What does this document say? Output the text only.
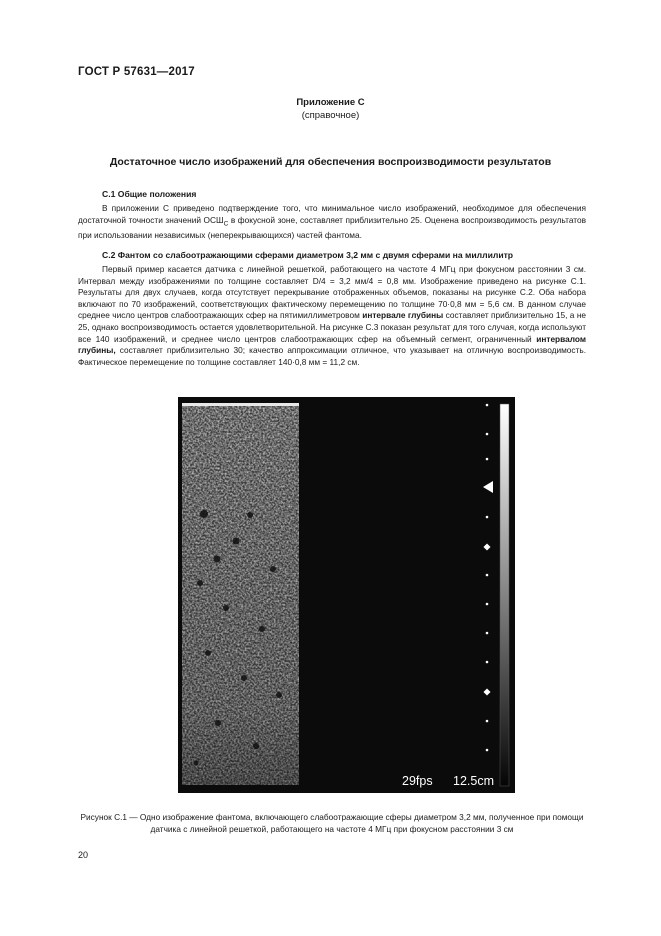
ГОСТ Р 57631—2017
Приложение С
(справочное)
Достаточное число изображений для обеспечения воспроизводимости результатов
С.1 Общие положения
В приложении С приведено подтверждение того, что минимальное число изображений, необходимое для обеспечения достаточной точности значений $ОСШ_С$ в фокусной зоне, составляет приблизительно 25. Оценена воспроизводимость результатов при использовании независимых (неперекрывающихся) частей фантома.
С.2 Фантом со слабоотражающими сферами диаметром 3,2 мм с двумя сферами на миллилитр
Первый пример касается датчика с линейной решеткой, работающего на частоте 4 МГц при фокусном расстоянии 3 см. Интервал между изображениями по толщине составляет D/4 = 3,2 мм/4 = 0,8 мм. Изображение приведено на рисунке С.1. Результаты для двух случаев, когда отсутствует перекрывание отображенных объемов, показаны на рисунке С.2. Оба набора включают по 70 изображений, соответствующих фактическому перемещению по толщине 70·0,8 мм = 5,6 см. В данном случае среднее число центров слабоотражающих сфер на пятимиллиметровом интервале глубины составляет приблизительно 15, а не 25, однако воспроизводимость остается удовлетворительной. На рисунке С.3 показан результат для того случая, когда используют все 140 изображений, и среднее число центров слабоотражающих сфер на объемный сегмент, ограниченный интервалом глубины, составляет приблизительно 30; качество аппроксимации отличное, что указывает на отличную воспроизводимость. Фактическое перемещение по толщине составляет 140·0,8 мм = 11,2 см.
29fps 12.5cm
Рисунок С.1 — Одно изображение фантома, включающего слабоотражающие сферы диаметром 3,2 мм, полученное при помощи датчика с линейной решеткой, работающего на частоте 4 МГц при фокусном расстоянии 3 см
20
